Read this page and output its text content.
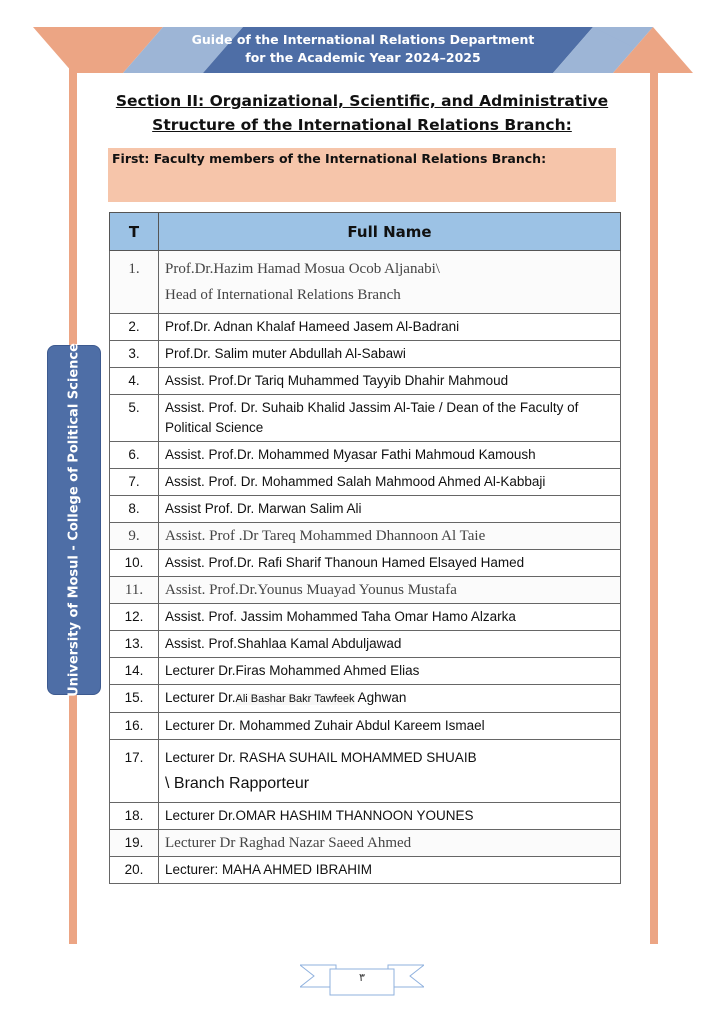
Guide of the International Relations Department
for the Academic Year 2024–2025
University of Mosul - College of Political Science
Section II: Organizational, Scientific, and Administrative
Structure of the International Relations Branch:
First: Faculty members of the International Relations Branch:
T	Full Name
1.	Prof.Dr.Hazim Hamad Mosua Ocob Aljanabi\
Head of International Relations Branch

2.	Prof.Dr. Adnan Khalaf Hameed Jasem Al-Badrani
3.	Prof.Dr. Salim muter Abdullah Al-Sabawi
4.	Assist. Prof.Dr Tariq Muhammed Tayyib Dhahir Mahmoud
5.	Assist. Prof. Dr. Suhaib Khalid Jassim Al-Taie / Dean of the Faculty of Political Science
6.	Assist. Prof.Dr. Mohammed Myasar Fathi Mahmoud Kamoush
7.	Assist. Prof. Dr. Mohammed Salah Mahmood Ahmed Al-Kabbaji
8.	Assist Prof. Dr. Marwan Salim Ali
9.	Assist. Prof .Dr Tareq Mohammed Dhannoon Al Taie
10.	Assist. Prof.Dr. Rafi Sharif Thanoun Hamed Elsayed Hamed
11.	Assist. Prof.Dr.Younus Muayad Younus Mustafa
12.	Assist. Prof. Jassim Mohammed Taha Omar Hamo Alzarka
13.	Assist. Prof.Shahlaa Kamal Abduljawad
14.	Lecturer Dr.Firas Mohammed Ahmed Elias
15.	Lecturer Dr.Ali Bashar Bakr Tawfeek Aghwan
16.	Lecturer Dr. Mohammed Zuhair Abdul Kareem Ismael
17.	Lecturer Dr. RASHA SUHAIL MOHAMMED SHUAIB
\ Branch Rapporteur

18.	Lecturer Dr.OMAR HASHIM THANNOON YOUNES
19.	Lecturer Dr Raghad Nazar Saeed Ahmed
20.	Lecturer: MAHA AHMED IBRAHIM
٣
